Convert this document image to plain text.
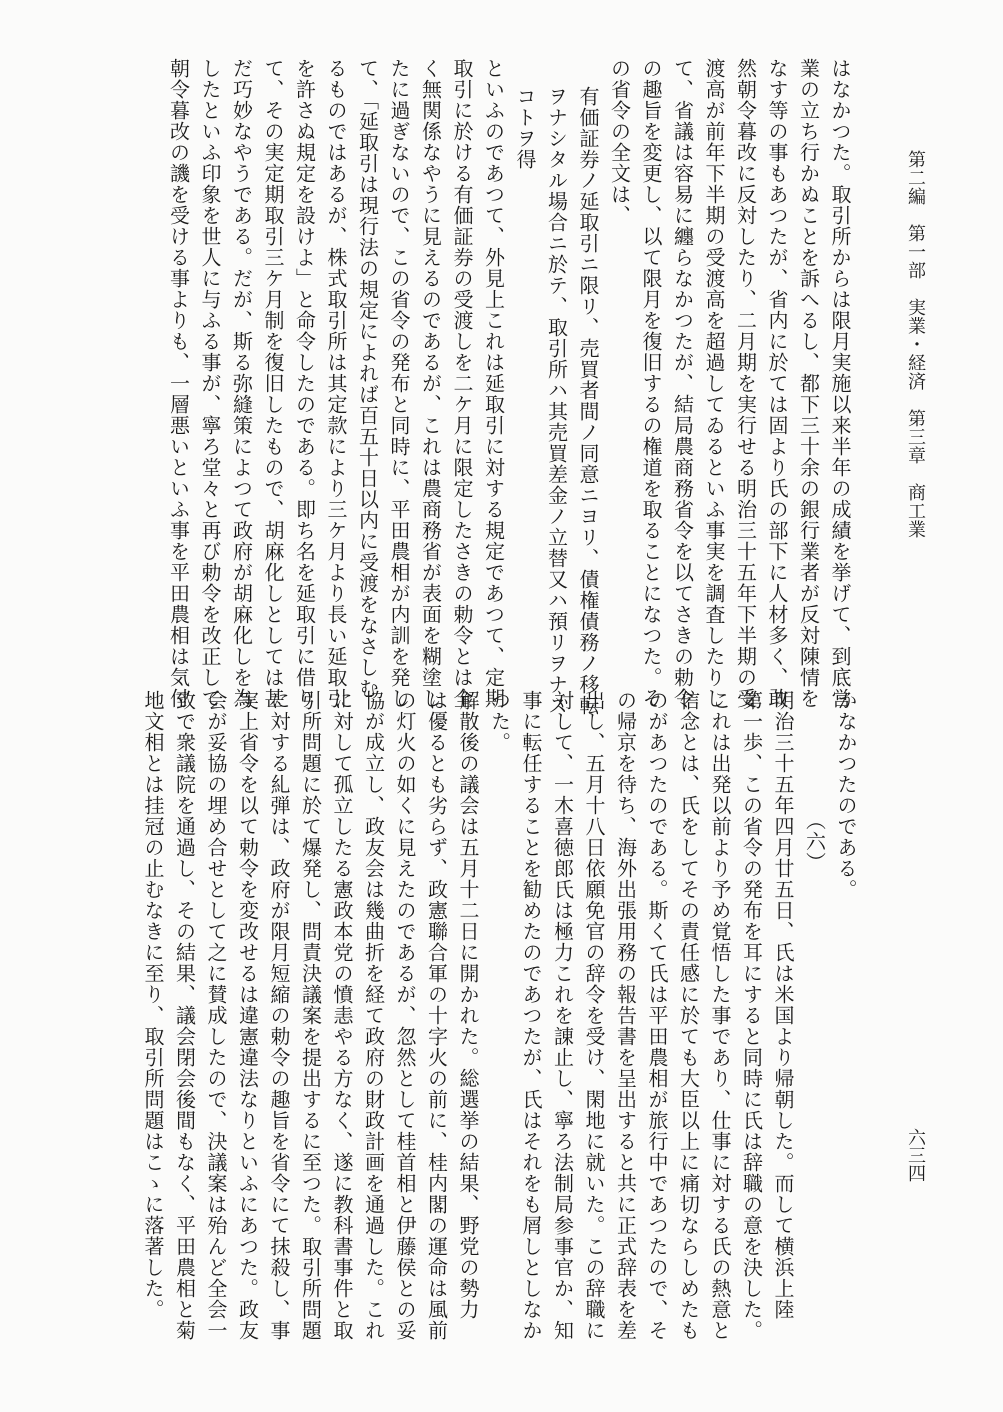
第二編　第一部　実業・経済　第三章　商工業
六三四
はなかつた。取引所からは限月実施以来半年の成績を挙げて、到底営
業の立ち行かぬことを訴へるし、都下三十余の銀行業者が反対陳情を
なす等の事もあつたが、省内に於ては固より氏の部下に人材多く、敢
然朝令暮改に反対したり、二月期を実行せる明治三十五年下半期の受
渡高が前年下半期の受渡高を超過してゐるといふ事実を調査したりし
て、省議は容易に纏らなかつたが、結局農商務省令を以てさきの勅令
の趣旨を変更し、以て限月を復旧するの権道を取ることになつた。そ
の省令の全文は、
有価証券ノ延取引ニ限リ、売買者間ノ同意ニヨリ、債権債務ノ移転
ヲナシタル場合ニ於テ、取引所ハ其売買差金ノ立替又ハ預リヲナス
コトヲ得
といふのであつて、外見上これは延取引に対する規定であつて、定期
取引に於ける有価証券の受渡しを二ケ月に限定したさきの勅令とは全
く無関係なやうに見えるのであるが、これは農商務省が表面を糊塗し
たに過ぎないので、この省令の発布と同時に、平田農相が内訓を発し
て、「延取引は現行法の規定によれば百五十日以内に受渡をなさしむ
るものではあるが、株式取引所は其定款により三ケ月より長い延取引
を許さぬ規定を設けよ」と命令したのである。即ち名を延取引に借り
て、その実定期取引三ケ月制を復旧したもので、胡麻化しとしては甚
だ巧妙なやうである。だが、斯る弥縫策によつて政府が胡麻化しを為
したといふ印象を世人に与ふる事が、寧ろ堂々と再び勅令を改正して
朝令暮改の譏を受ける事よりも、一層悪いといふ事を平田農相は気付
かなかつたのである。
（六）
明治三十五年四月廿五日、氏は米国より帰朝した。而して横浜上陸
第一歩、この省令の発布を耳にすると同時に氏は辞職の意を決した。
これは出発以前より予め覚悟した事であり、仕事に対する氏の熱意と
信念とは、氏をしてその責任感に於ても大臣以上に痛切ならしめたも
のがあつたのである。斯くて氏は平田農相が旅行中であつたので、そ
の帰京を待ち、海外出張用務の報告書を呈出すると共に正式辞表を差
出し、五月十八日依願免官の辞令を受け、閑地に就いた。この辞職に
対して、一木喜徳郎氏は極力これを諌止し、寧ろ法制局参事官か、知
事に転任することを勧めたのであつたが、氏はそれをも屑しとしなか
つた。
解散後の議会は五月十二日に開かれた。総選挙の結果、野党の勢力
は優るとも劣らず、政憲聯合軍の十字火の前に、桂内閣の運命は風前
の灯火の如くに見えたのであるが、忽然として桂首相と伊藤侯との妥
協が成立し、政友会は幾曲折を経て政府の財政計画を通過した。これ
に対して孤立したる憲政本党の憤恚やる方なく、遂に教科書事件と取
引所問題に於て爆発し、問責決議案を提出するに至つた。取引所問題
に対する糺弾は、政府が限月短縮の勅令の趣旨を省令にて抹殺し、事
実上省令を以て勅令を変改せるは違憲違法なりといふにあつた。政友
会が妥協の埋め合せとして之に賛成したので、決議案は殆んど全会一
致で衆議院を通過し、その結果、議会閉会後間もなく、平田農相と菊
地文相とは挂冠の止むなきに至り、取引所問題はこゝに落著した。
